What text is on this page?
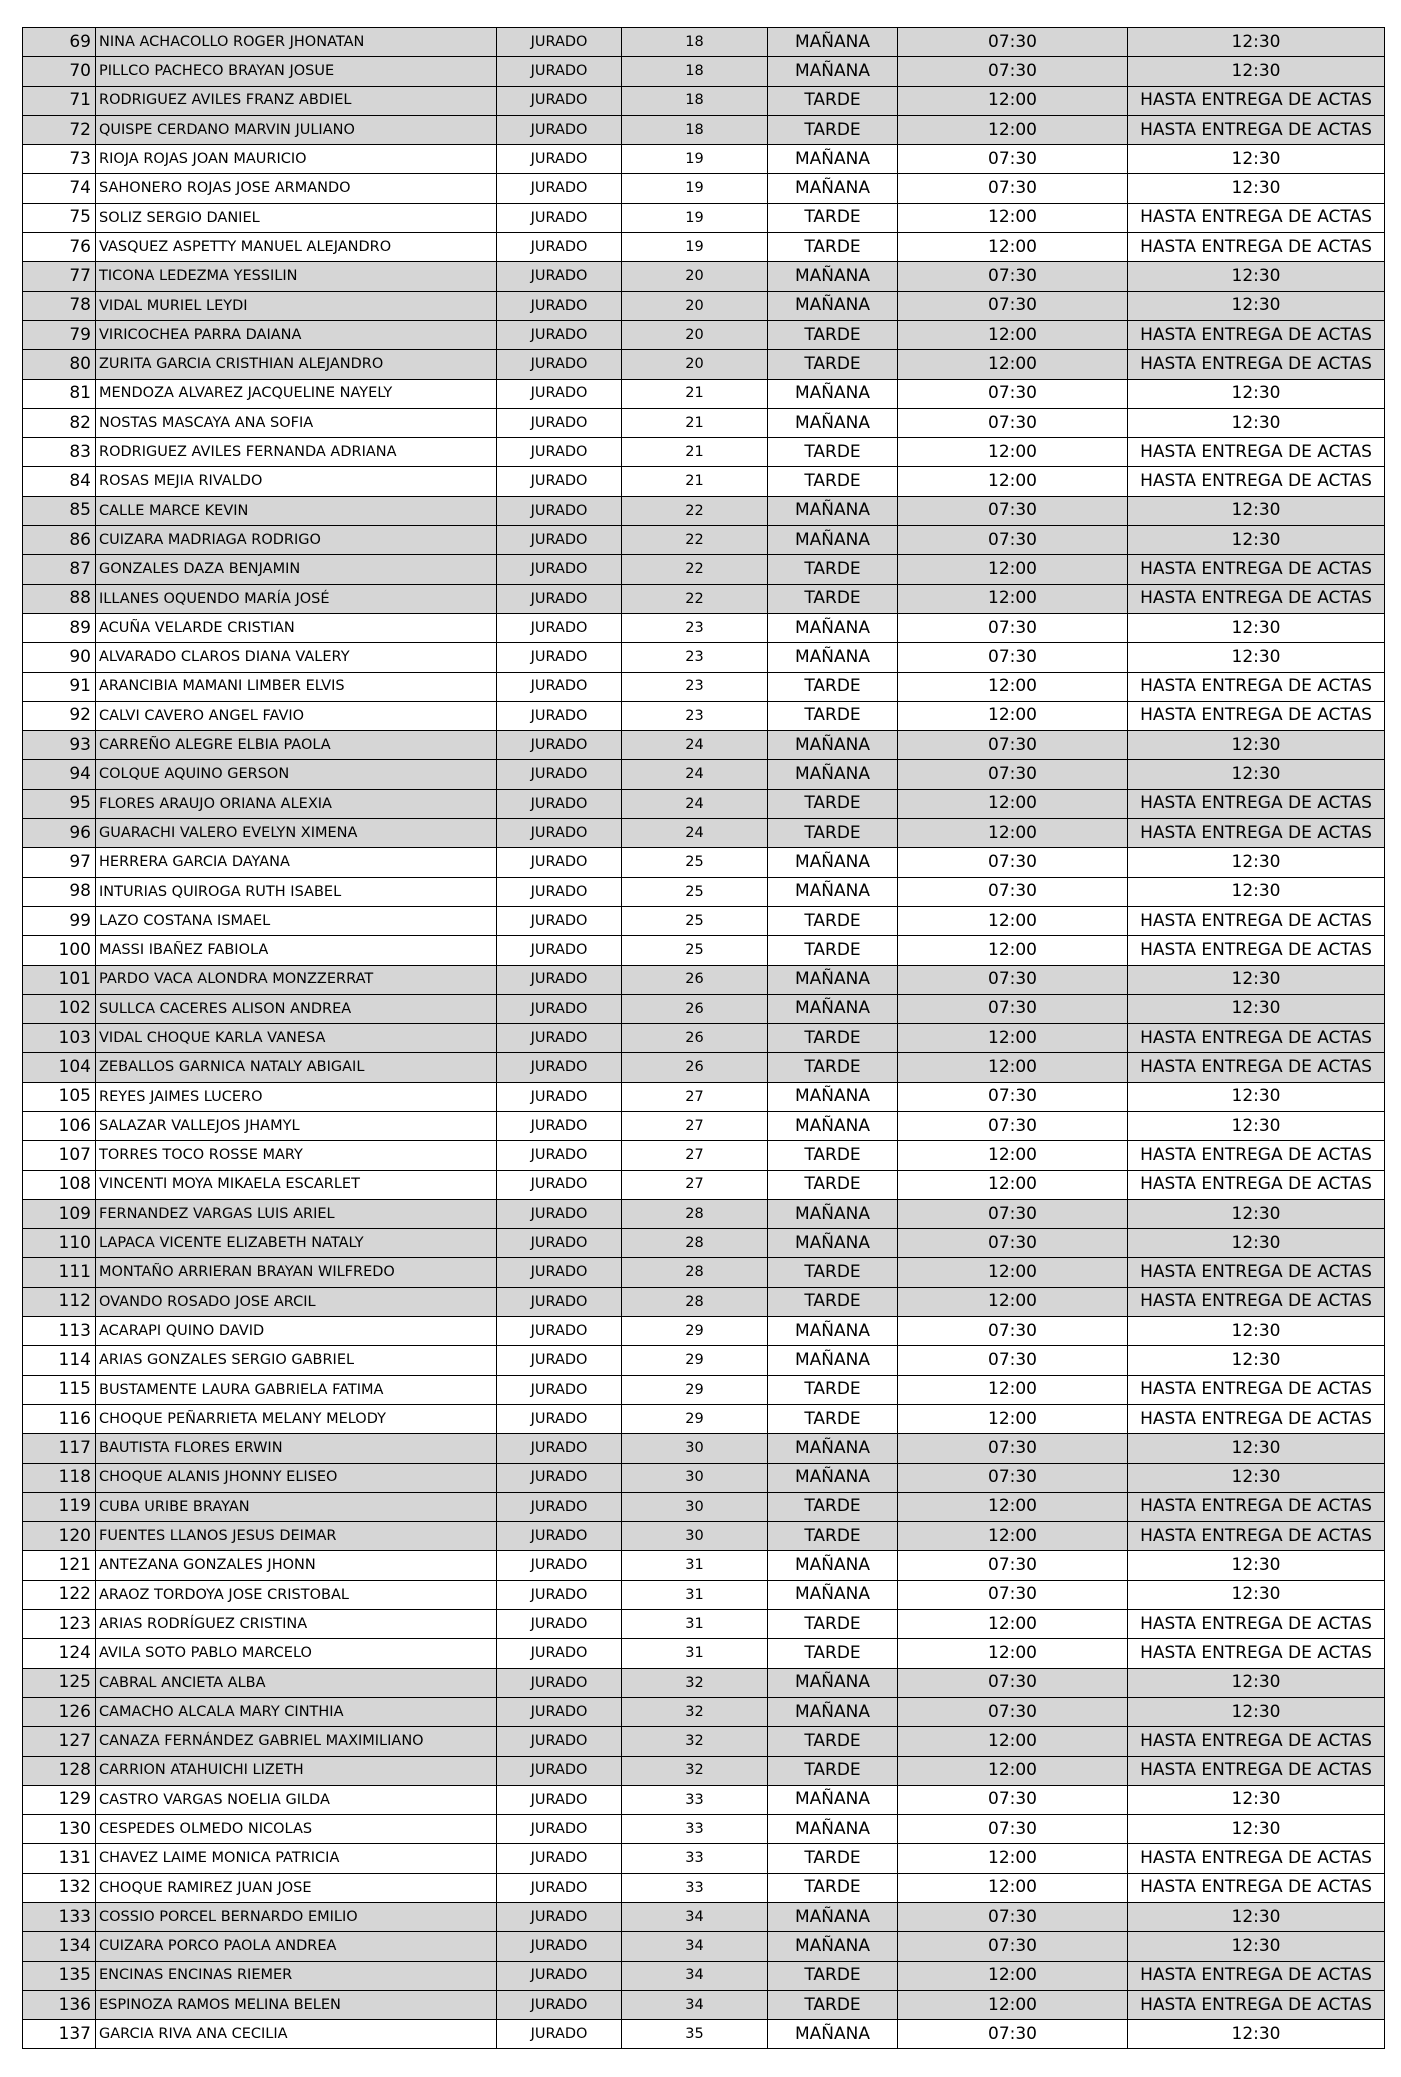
69	NINA ACHACOLLO ROGER JHONATAN	JURADO	18	MAÑANA	07:30	12:30
70	PILLCO PACHECO BRAYAN JOSUE	JURADO	18	MAÑANA	07:30	12:30
71	RODRIGUEZ AVILES FRANZ ABDIEL	JURADO	18	TARDE	12:00	HASTA ENTREGA DE ACTAS
72	QUISPE CERDANO MARVIN JULIANO	JURADO	18	TARDE	12:00	HASTA ENTREGA DE ACTAS
73	RIOJA ROJAS JOAN MAURICIO	JURADO	19	MAÑANA	07:30	12:30
74	SAHONERO ROJAS JOSE ARMANDO	JURADO	19	MAÑANA	07:30	12:30
75	SOLIZ SERGIO DANIEL	JURADO	19	TARDE	12:00	HASTA ENTREGA DE ACTAS
76	VASQUEZ ASPETTY MANUEL ALEJANDRO	JURADO	19	TARDE	12:00	HASTA ENTREGA DE ACTAS
77	TICONA LEDEZMA YESSILIN	JURADO	20	MAÑANA	07:30	12:30
78	VIDAL MURIEL LEYDI	JURADO	20	MAÑANA	07:30	12:30
79	VIRICOCHEA PARRA DAIANA	JURADO	20	TARDE	12:00	HASTA ENTREGA DE ACTAS
80	ZURITA GARCIA CRISTHIAN ALEJANDRO	JURADO	20	TARDE	12:00	HASTA ENTREGA DE ACTAS
81	MENDOZA ALVAREZ JACQUELINE NAYELY	JURADO	21	MAÑANA	07:30	12:30
82	NOSTAS MASCAYA ANA SOFIA	JURADO	21	MAÑANA	07:30	12:30
83	RODRIGUEZ AVILES FERNANDA ADRIANA	JURADO	21	TARDE	12:00	HASTA ENTREGA DE ACTAS
84	ROSAS MEJIA RIVALDO	JURADO	21	TARDE	12:00	HASTA ENTREGA DE ACTAS
85	CALLE MARCE KEVIN	JURADO	22	MAÑANA	07:30	12:30
86	CUIZARA MADRIAGA RODRIGO	JURADO	22	MAÑANA	07:30	12:30
87	GONZALES DAZA BENJAMIN	JURADO	22	TARDE	12:00	HASTA ENTREGA DE ACTAS
88	ILLANES OQUENDO MARÍA JOSÉ	JURADO	22	TARDE	12:00	HASTA ENTREGA DE ACTAS
89	ACUÑA VELARDE CRISTIAN	JURADO	23	MAÑANA	07:30	12:30
90	ALVARADO CLAROS DIANA VALERY	JURADO	23	MAÑANA	07:30	12:30
91	ARANCIBIA MAMANI LIMBER ELVIS	JURADO	23	TARDE	12:00	HASTA ENTREGA DE ACTAS
92	CALVI CAVERO ANGEL FAVIO	JURADO	23	TARDE	12:00	HASTA ENTREGA DE ACTAS
93	CARREÑO ALEGRE ELBIA PAOLA	JURADO	24	MAÑANA	07:30	12:30
94	COLQUE AQUINO GERSON	JURADO	24	MAÑANA	07:30	12:30
95	FLORES ARAUJO ORIANA ALEXIA	JURADO	24	TARDE	12:00	HASTA ENTREGA DE ACTAS
96	GUARACHI VALERO EVELYN XIMENA	JURADO	24	TARDE	12:00	HASTA ENTREGA DE ACTAS
97	HERRERA GARCIA DAYANA	JURADO	25	MAÑANA	07:30	12:30
98	INTURIAS QUIROGA RUTH ISABEL	JURADO	25	MAÑANA	07:30	12:30
99	LAZO COSTANA ISMAEL	JURADO	25	TARDE	12:00	HASTA ENTREGA DE ACTAS
100	MASSI IBAÑEZ FABIOLA	JURADO	25	TARDE	12:00	HASTA ENTREGA DE ACTAS
101	PARDO VACA ALONDRA MONZZERRAT	JURADO	26	MAÑANA	07:30	12:30
102	SULLCA CACERES ALISON ANDREA	JURADO	26	MAÑANA	07:30	12:30
103	VIDAL CHOQUE KARLA VANESA	JURADO	26	TARDE	12:00	HASTA ENTREGA DE ACTAS
104	ZEBALLOS GARNICA NATALY ABIGAIL	JURADO	26	TARDE	12:00	HASTA ENTREGA DE ACTAS
105	REYES JAIMES LUCERO	JURADO	27	MAÑANA	07:30	12:30
106	SALAZAR VALLEJOS JHAMYL	JURADO	27	MAÑANA	07:30	12:30
107	TORRES TOCO ROSSE MARY	JURADO	27	TARDE	12:00	HASTA ENTREGA DE ACTAS
108	VINCENTI MOYA MIKAELA ESCARLET	JURADO	27	TARDE	12:00	HASTA ENTREGA DE ACTAS
109	FERNANDEZ VARGAS LUIS ARIEL	JURADO	28	MAÑANA	07:30	12:30
110	LAPACA VICENTE ELIZABETH NATALY	JURADO	28	MAÑANA	07:30	12:30
111	MONTAÑO ARRIERAN BRAYAN WILFREDO	JURADO	28	TARDE	12:00	HASTA ENTREGA DE ACTAS
112	OVANDO ROSADO JOSE ARCIL	JURADO	28	TARDE	12:00	HASTA ENTREGA DE ACTAS
113	ACARAPI QUINO DAVID	JURADO	29	MAÑANA	07:30	12:30
114	ARIAS GONZALES SERGIO GABRIEL	JURADO	29	MAÑANA	07:30	12:30
115	BUSTAMENTE LAURA GABRIELA FATIMA	JURADO	29	TARDE	12:00	HASTA ENTREGA DE ACTAS
116	CHOQUE PEÑARRIETA MELANY MELODY	JURADO	29	TARDE	12:00	HASTA ENTREGA DE ACTAS
117	BAUTISTA FLORES ERWIN	JURADO	30	MAÑANA	07:30	12:30
118	CHOQUE ALANIS JHONNY ELISEO	JURADO	30	MAÑANA	07:30	12:30
119	CUBA URIBE BRAYAN	JURADO	30	TARDE	12:00	HASTA ENTREGA DE ACTAS
120	FUENTES LLANOS JESUS DEIMAR	JURADO	30	TARDE	12:00	HASTA ENTREGA DE ACTAS
121	ANTEZANA GONZALES JHONN	JURADO	31	MAÑANA	07:30	12:30
122	ARAOZ TORDOYA JOSE CRISTOBAL	JURADO	31	MAÑANA	07:30	12:30
123	ARIAS RODRÍGUEZ CRISTINA	JURADO	31	TARDE	12:00	HASTA ENTREGA DE ACTAS
124	AVILA SOTO PABLO MARCELO	JURADO	31	TARDE	12:00	HASTA ENTREGA DE ACTAS
125	CABRAL ANCIETA ALBA	JURADO	32	MAÑANA	07:30	12:30
126	CAMACHO ALCALA MARY CINTHIA	JURADO	32	MAÑANA	07:30	12:30
127	CANAZA FERNÁNDEZ GABRIEL MAXIMILIANO	JURADO	32	TARDE	12:00	HASTA ENTREGA DE ACTAS
128	CARRION ATAHUICHI LIZETH	JURADO	32	TARDE	12:00	HASTA ENTREGA DE ACTAS
129	CASTRO VARGAS NOELIA GILDA	JURADO	33	MAÑANA	07:30	12:30
130	CESPEDES OLMEDO NICOLAS	JURADO	33	MAÑANA	07:30	12:30
131	CHAVEZ LAIME MONICA PATRICIA	JURADO	33	TARDE	12:00	HASTA ENTREGA DE ACTAS
132	CHOQUE RAMIREZ JUAN JOSE	JURADO	33	TARDE	12:00	HASTA ENTREGA DE ACTAS
133	COSSIO PORCEL BERNARDO EMILIO	JURADO	34	MAÑANA	07:30	12:30
134	CUIZARA PORCO PAOLA ANDREA	JURADO	34	MAÑANA	07:30	12:30
135	ENCINAS ENCINAS RIEMER	JURADO	34	TARDE	12:00	HASTA ENTREGA DE ACTAS
136	ESPINOZA RAMOS MELINA BELEN	JURADO	34	TARDE	12:00	HASTA ENTREGA DE ACTAS
137	GARCIA RIVA ANA CECILIA	JURADO	35	MAÑANA	07:30	12:30
